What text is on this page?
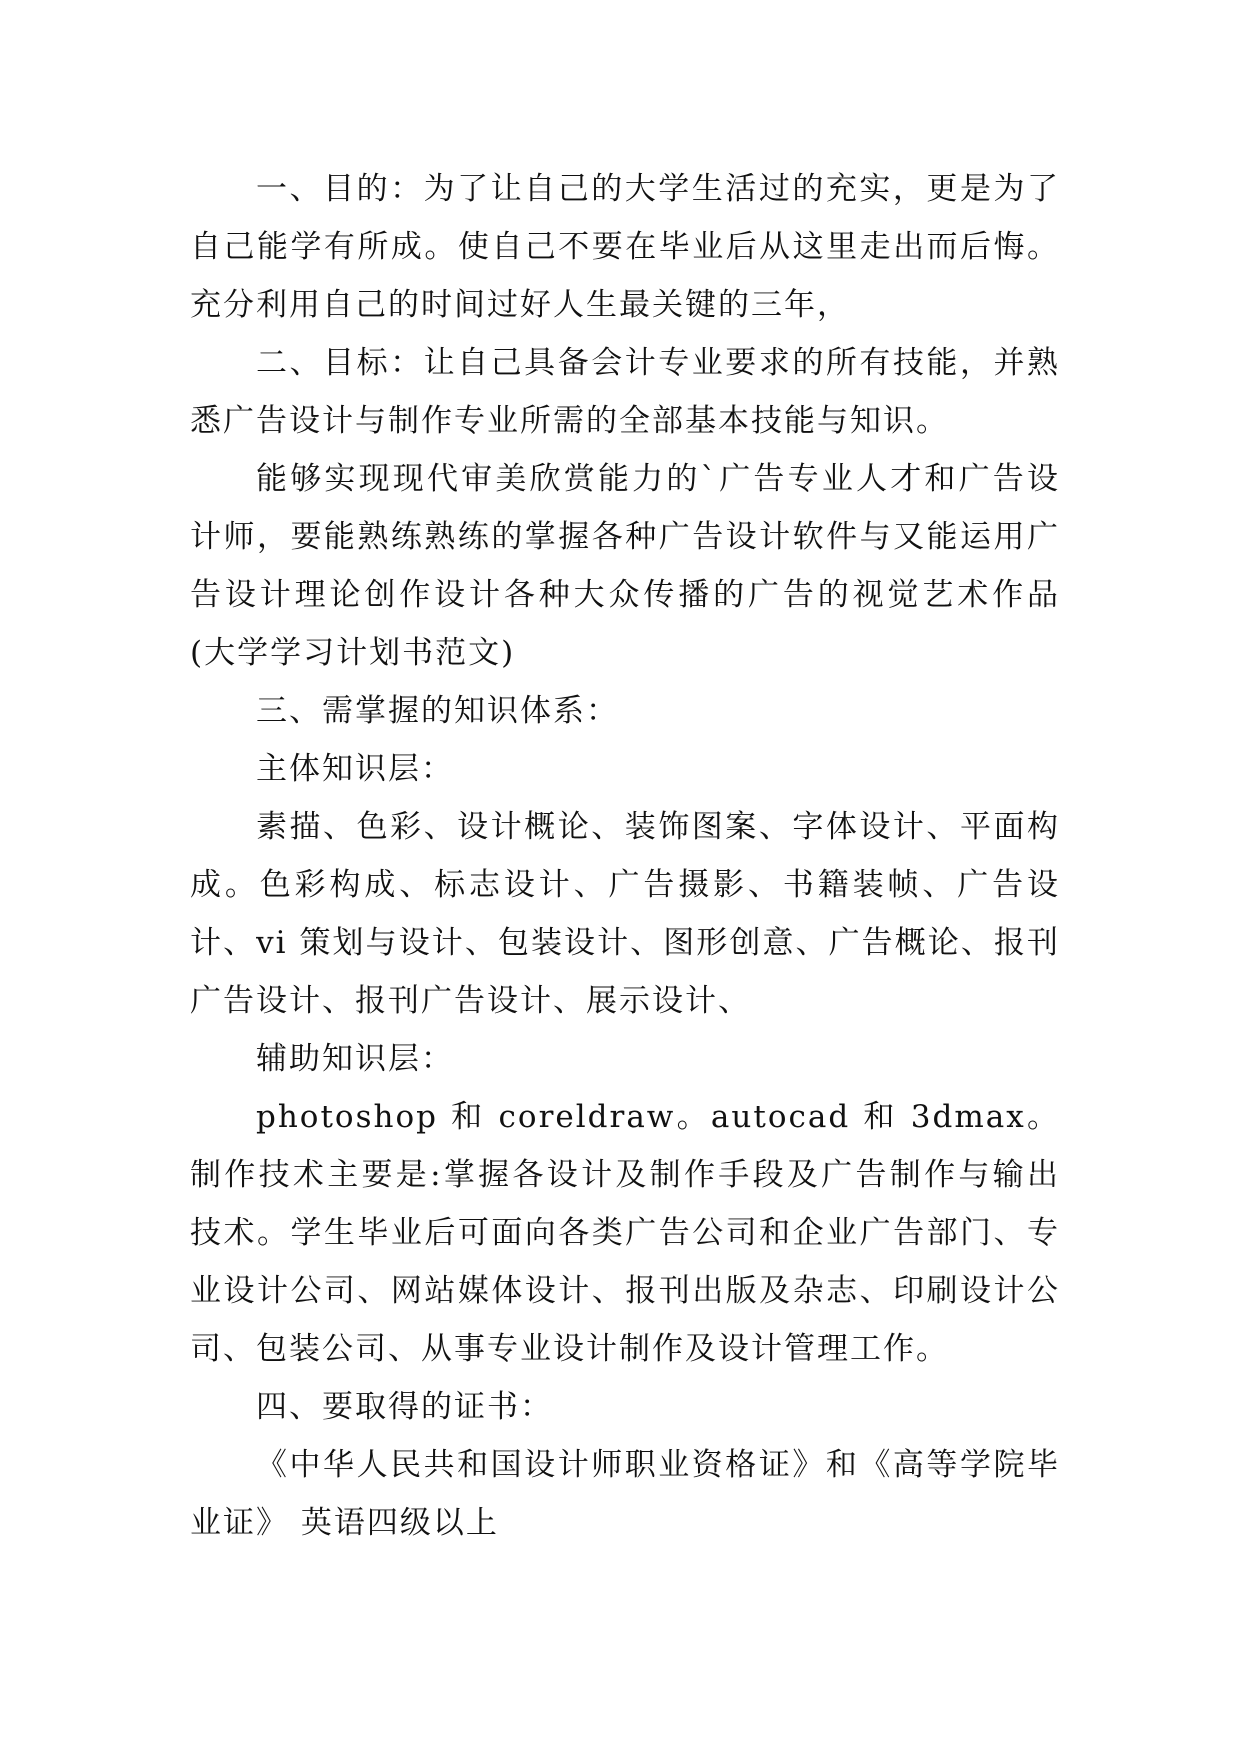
一、目的：为了让自己的大学生活过的充实，更是为了自己能学有所成。使自己不要在毕业后从这里走出而后悔。充分利用自己的时间过好人生最关键的三年，

二、目标：让自己具备会计专业要求的所有技能，并熟悉广告设计与制作专业所需的全部基本技能与知识。

能够实现现代审美欣赏能力的`广告专业人才和广告设计师，要能熟练熟练的掌握各种广告设计软件与又能运用广告设计理论创作设计各种大众传播的广告的视觉艺术作品(大学学习计划书范文)

三、需掌握的知识体系：

主体知识层：

素描、色彩、设计概论、装饰图案、字体设计、平面构成。色彩构成、标志设计、广告摄影、书籍装帧、广告设计、vi 策划与设计、包装设计、图形创意、广告概论、报刊广告设计、报刊广告设计、展示设计、

辅助知识层：

photoshop 和 coreldraw。autocad 和 3dmax。制作技术主要是:掌握各设计及制作手段及广告制作与输出技术。学生毕业后可面向各类广告公司和企业广告部门、专业设计公司、网站媒体设计、报刊出版及杂志、印刷设计公司、包装公司、从事专业设计制作及设计管理工作。

四、要取得的证书：

《中华人民共和国设计师职业资格证》和《高等学院毕业证》 英语四级以上
